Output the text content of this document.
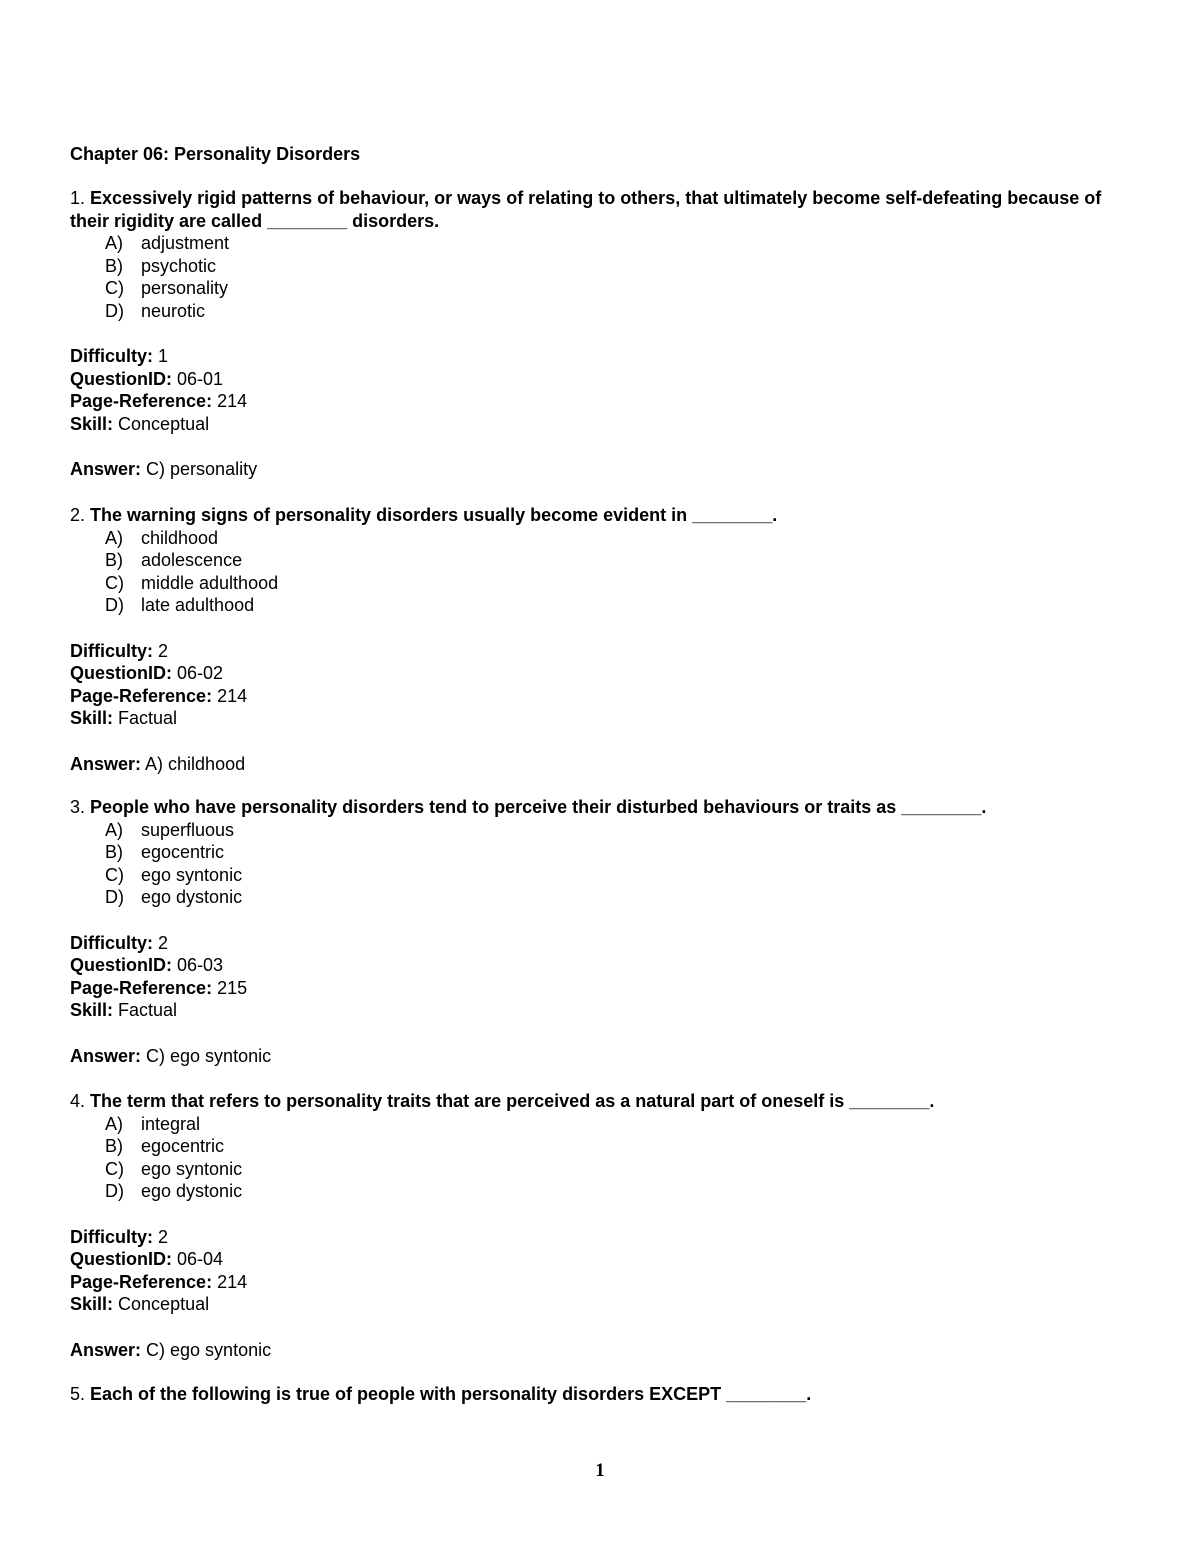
Chapter 06: Personality Disorders
1. Excessively rigid patterns of behaviour, or ways of relating to others, that ultimately become self-defeating because of their rigidity are called ________ disorders.
A) adjustment
B) psychotic
C) personality
D) neurotic
Difficulty: 1
QuestionID: 06-01
Page-Reference: 214
Skill: Conceptual
Answer: C) personality
2. The warning signs of personality disorders usually become evident in ________.
A) childhood
B) adolescence
C) middle adulthood
D) late adulthood
Difficulty: 2
QuestionID: 06-02
Page-Reference: 214
Skill: Factual
Answer: A) childhood
3. People who have personality disorders tend to perceive their disturbed behaviours or traits as ________.
A) superfluous
B) egocentric
C) ego syntonic
D) ego dystonic
Difficulty: 2
QuestionID: 06-03
Page-Reference: 215
Skill: Factual
Answer: C) ego syntonic
4. The term that refers to personality traits that are perceived as a natural part of oneself is ________.
A) integral
B) egocentric
C) ego syntonic
D) ego dystonic
Difficulty: 2
QuestionID: 06-04
Page-Reference: 214
Skill: Conceptual
Answer: C) ego syntonic
5. Each of the following is true of people with personality disorders EXCEPT ________.
1
